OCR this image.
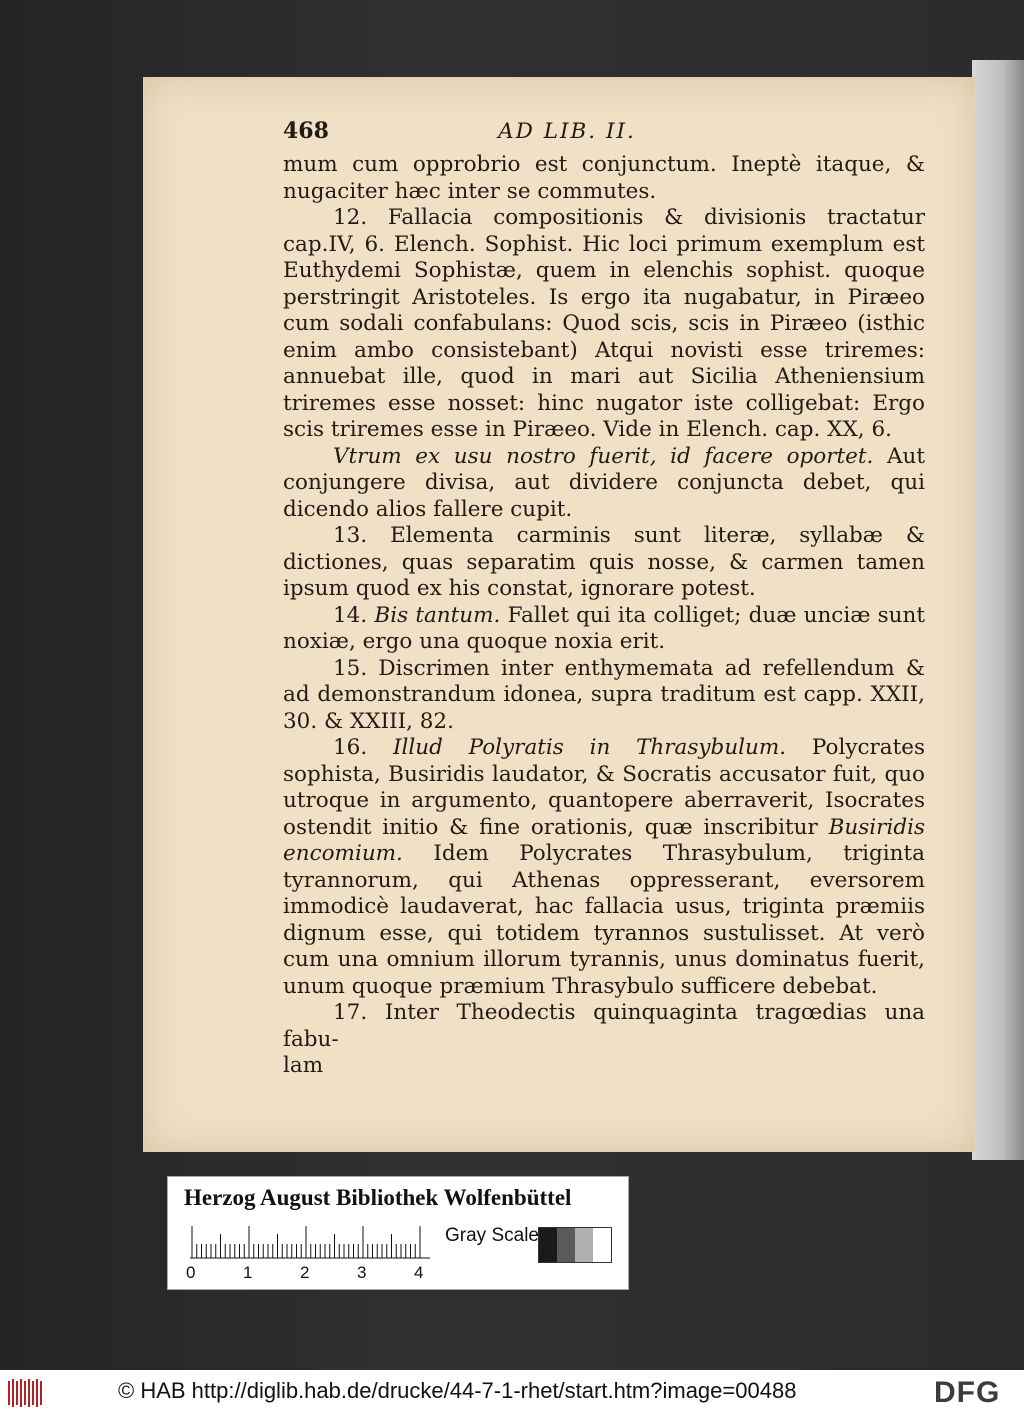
468	AD LIB. II.

mum cum opprobrio est conjunctum. Ineptè itaque, & nugaciter hæc inter se commutes.

12. Fallacia compositionis & divisionis tractatur cap.IV, 6. Elench. Sophist. Hic loci primum exemplum est Euthydemi Sophistæ, quem in elenchis sophist. quoque perstringit Aristoteles. Is ergo ita nugabatur, in Piræeo cum sodali confabulans: Quod scis, scis in Piræeo (isthic enim ambo consistebant) Atqui novisti esse triremes: annuebat ille, quod in mari aut Sicilia Atheniensium triremes esse nosset: hinc nugator iste colligebat: Ergo scis triremes esse in Piræeo. Vide in Elench. cap. XX, 6.

Vtrum ex usu nostro fuerit, id facere oportet. Aut conjungere divisa, aut dividere conjuncta debet, qui dicendo alios fallere cupit.

13. Elementa carminis sunt literæ, syllabæ & dictiones, quas separatim quis nosse, & carmen tamen ipsum quod ex his constat, ignorare potest.

14. Bis tantum. Fallet qui ita colliget; duæ unciæ sunt noxiæ, ergo una quoque noxia erit.

15. Discrimen inter enthymemata ad refellendum & ad demonstrandum idonea, supra traditum est capp. XXII, 30. & XXIII, 82.

16. Illud Polyratis in Thrasybulum. Polycrates sophista, Busiridis laudator, & Socratis accusator fuit, quo utroque in argumento, quantopere aberraverit, Isocrates ostendit initio & fine orationis, quæ inscribitur Busiridis encomium. Idem Polycrates Thrasybulum, triginta tyrannorum, qui Athenas oppresserant, eversorem immodicè laudaverat, hac fallacia usus, triginta præmiis dignum esse, qui totidem tyrannos sustulisset. At verò cum una omnium illorum tyrannis, unus dominatus fuerit, unum quoque præmium Thrasybulo sufficere debebat.

17. Inter Theodectis quinquaginta tragœdias una fabu-

lam

Herzog August Bibliothek Wolfenbüttel
0	1	2	3	4
Gray Scale
© HAB http://diglib.hab.de/drucke/44-7-1-rhet/start.htm?image=00488	DFG
